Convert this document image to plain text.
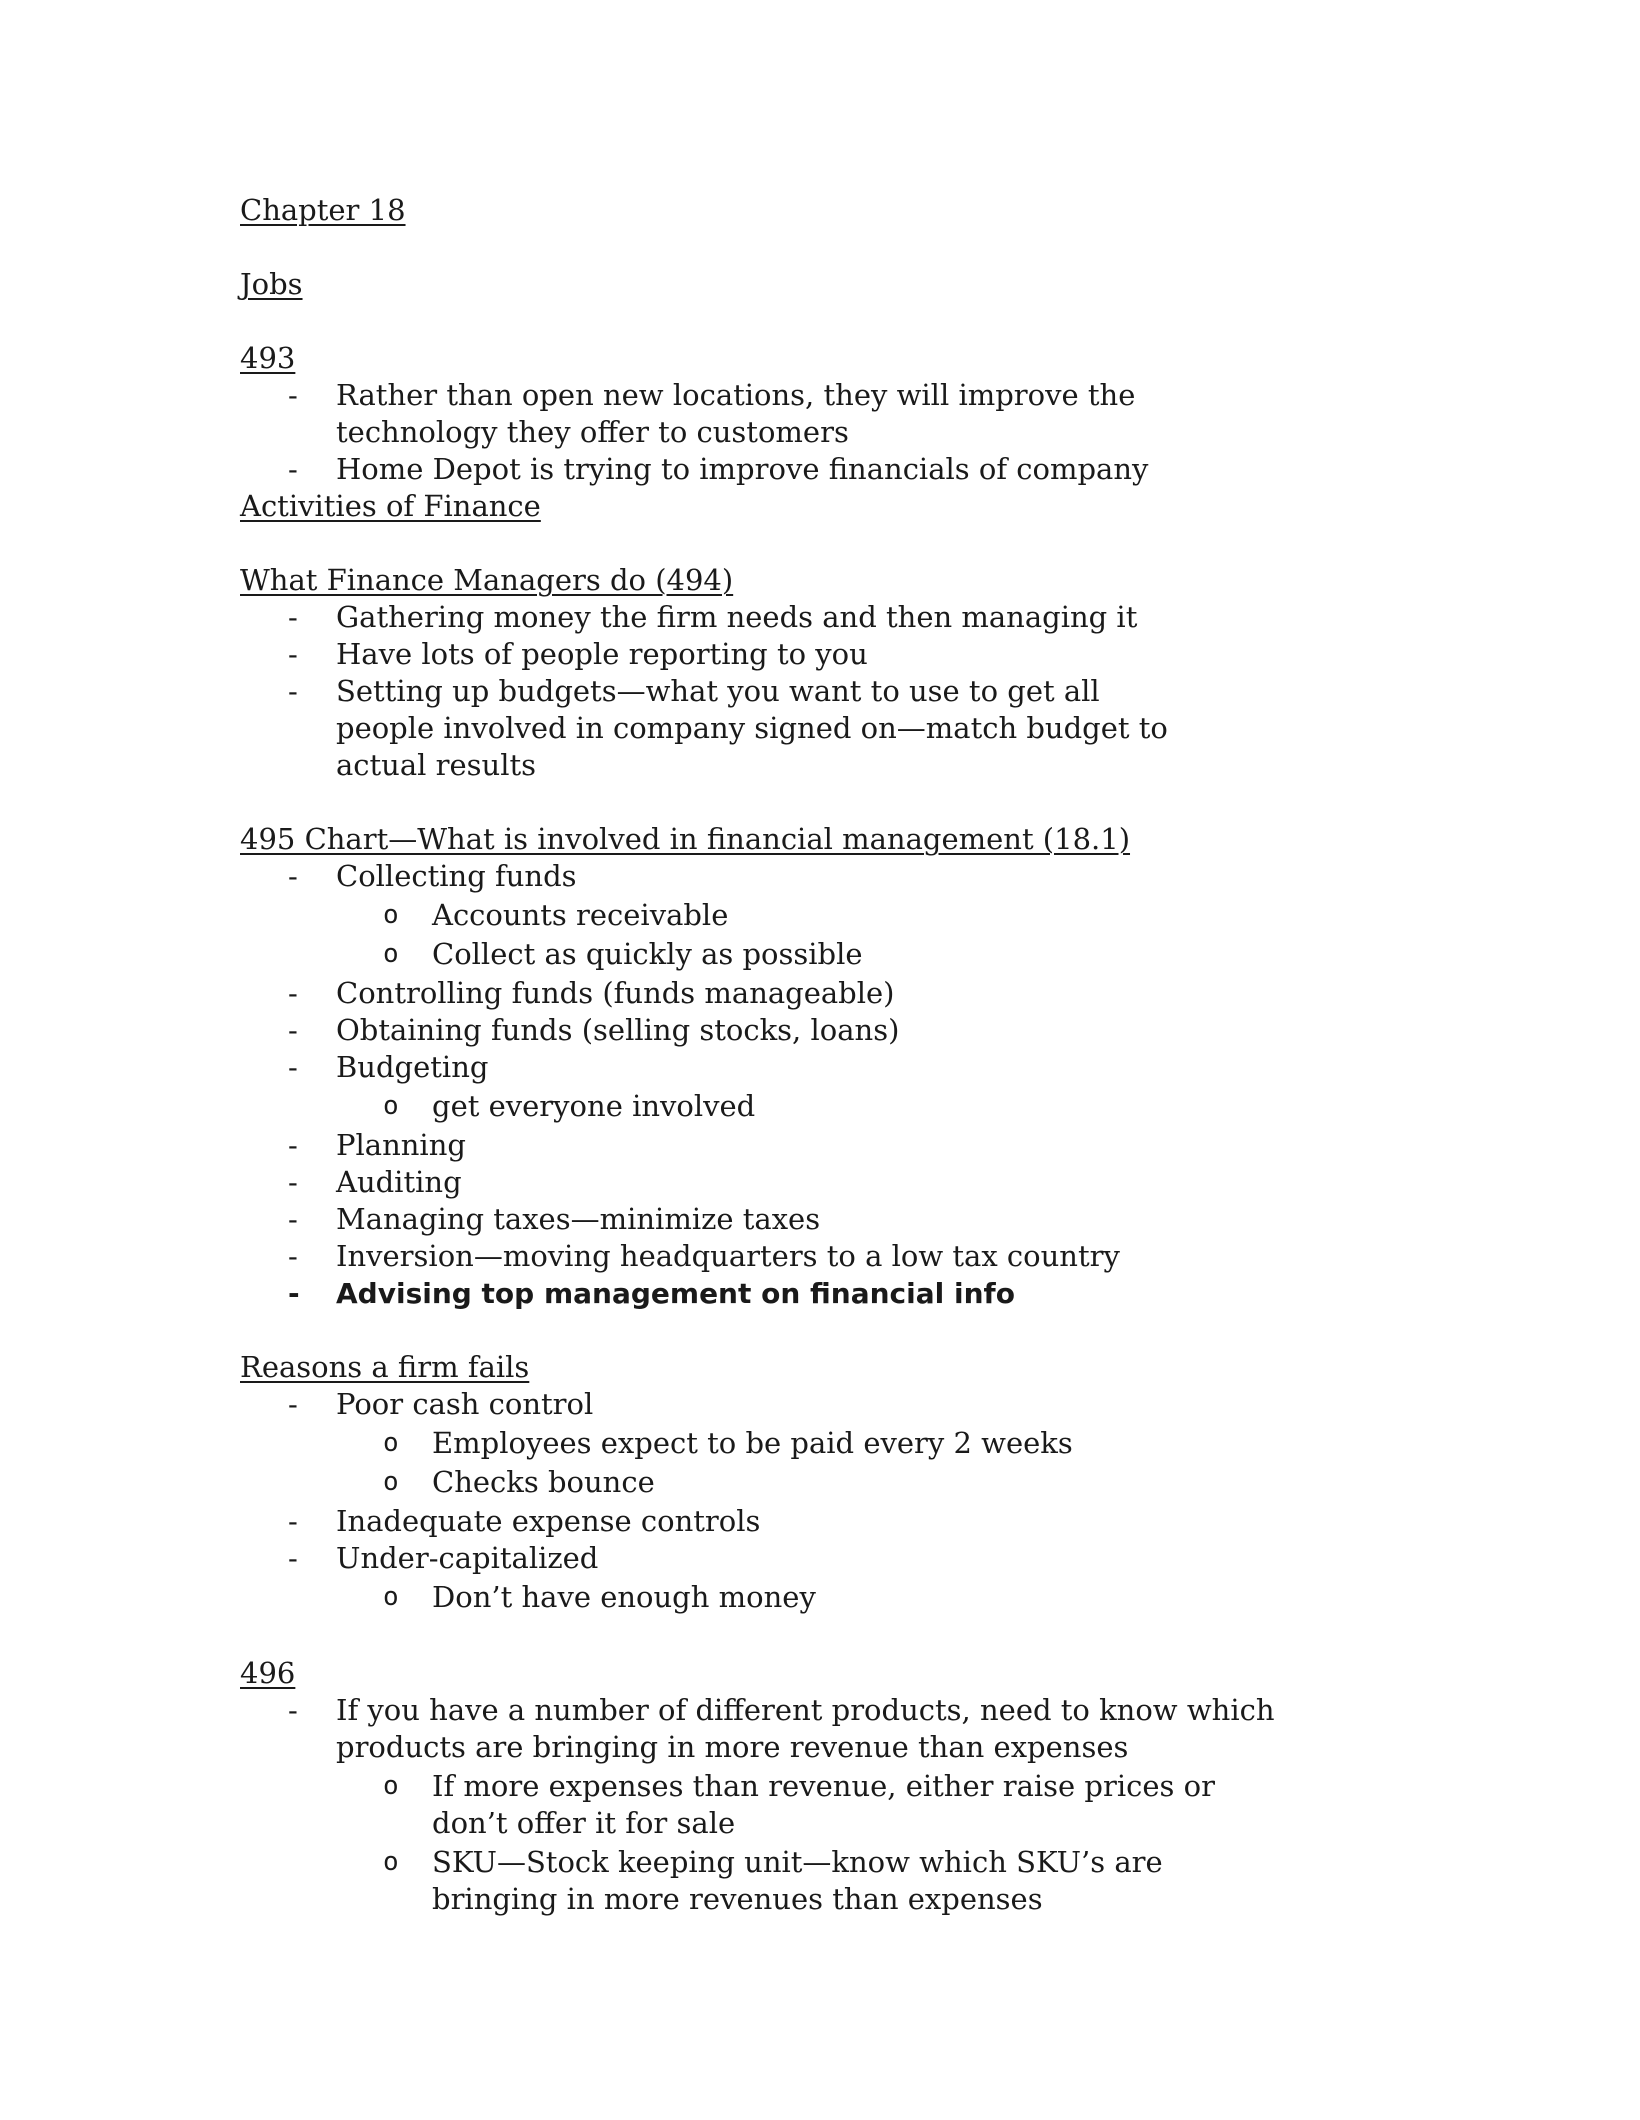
Chapter 18
Jobs
493
- Rather than open new locations, they will improve the technology they offer to customers
- Home Depot is trying to improve financials of company
Activities of Finance
What Finance Managers do (494)
- Gathering money the firm needs and then managing it
- Have lots of people reporting to you
- Setting up budgets—what you want to use to get all people involved in company signed on—match budget to actual results
495 Chart—What is involved in financial management (18.1)
- Collecting funds
o Accounts receivable
o Collect as quickly as possible
- Controlling funds (funds manageable)
- Obtaining funds (selling stocks, loans)
- Budgeting
o get everyone involved
- Planning
- Auditing
- Managing taxes—minimize taxes
- Inversion—moving headquarters to a low tax country
- Advising top management on financial info
Reasons a firm fails
- Poor cash control
o Employees expect to be paid every 2 weeks
o Checks bounce
- Inadequate expense controls
- Under-capitalized
o Don’t have enough money
496
- If you have a number of different products, need to know which products are bringing in more revenue than expenses
o If more expenses than revenue, either raise prices or don’t offer it for sale
o SKU—Stock keeping unit—know which SKU’s are bringing in more revenues than expenses
